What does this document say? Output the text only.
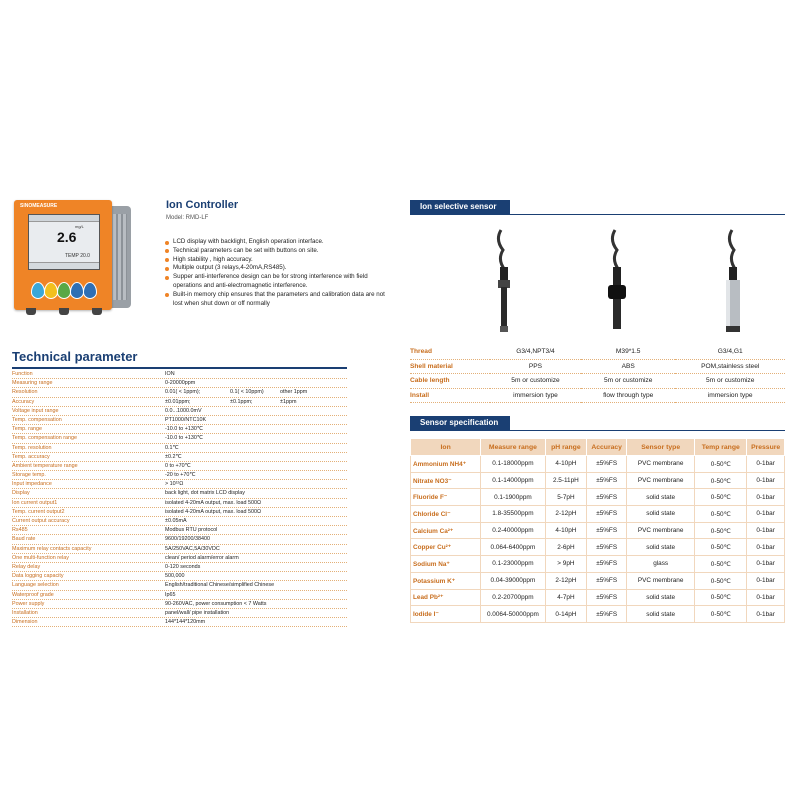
SINOMEASURE
mg/L
2.6
TEMP 20.0
Ion Controller
Model: RMD-LF
LCD display with backlight, English operation interface.
Technical parameters can be set with buttons on site.
High stability , high accuracy.
Multiple output (3 relays,4-20mA,RS485).
Supper anti-interference design can be for strong interference with field operations and anti-electromagnetic interference.
Built-in memory chip ensures that the parameters and calibration data are not lost when shut down or off normally
Technical parameter
Function	ION
Measuring range	0-20000ppm
Resolution	0.01( < 1ppm);	0.1( < 10ppm)	other 1ppm
Accuracy	±0.01ppm;	±0.1ppm;	±1ppm
Voltage input range	0.0...1000.0mV
Temp. compensation	PT1000/NTC10K
Temp. range	-10.0 to +130℃
Temp. compensation range	-10.0 to +130℃
Temp. resolution	0.1℃
Temp. accuracy	±0.2℃
Ambient temperature range	0 to +70℃
Storage temp.	-20 to +70℃
Input impedance	> 10¹²Ω
Display	back light, dot matrix LCD display
Ion current output1	isolated 4-20mA output, max. load 500Ω
Temp. current output2	isolated 4-20mA output, max. load 500Ω
Current output accuracy	±0.05mA
Rs485	Modbus RTU protocol
Baud rate	9600/19200/38400
Maximum relay contacts capacity	5A/250VAC,5A/30VDC
One multi-function relay	clean/ period alarm/error alarm
Relay delay	0-120 seconds
Data logging capacity	500,000
Language selection	English/traditional Chinese/simplified Chinese
Waterproof grade	Ip65
Power supply	90-260VAC, power consumption < 7 Watts
Installation	panel/wall/ pipe installation
Dimension	144*144*120mm
Ion selective sensor
Thread	G3/4,NPT3/4	M39*1.5	G3/4,G1
Shell material	PPS	ABS	POM,stainless steel
Cable length	5m or customize	5m or customize	5m or customize
Install	immersion type	flow through type	immersion type
Sensor specification
Ion	Measure range	pH range	Accuracy	Sensor type	Temp range	Pressure
Ammonium NH4⁺	0.1-18000ppm	4-10pH	±5%FS	PVC membrane	0-50℃	0-1bar
Nitrate NO3⁻	0.1-14000ppm	2.5-11pH	±5%FS	PVC membrane	0-50℃	0-1bar
Fluoride F⁻	0.1-1900ppm	5-7pH	±5%FS	solid state	0-50℃	0-1bar
Chloride Cl⁻	1.8-35500ppm	2-12pH	±5%FS	solid state	0-50℃	0-1bar
Calcium Ca²⁺	0.2-40000ppm	4-10pH	±5%FS	PVC membrane	0-50℃	0-1bar
Copper Cu²⁺	0.064-6400ppm	2-6pH	±5%FS	solid state	0-50℃	0-1bar
Sodium Na⁺	0.1-23000ppm	> 9pH	±5%FS	glass	0-50℃	0-1bar
Potassium K⁺	0.04-39000ppm	2-12pH	±5%FS	PVC membrane	0-50℃	0-1bar
Lead Pb²⁺	0.2-20700ppm	4-7pH	±5%FS	solid state	0-50℃	0-1bar
Iodide I⁻	0.0064-50000ppm	0-14pH	±5%FS	solid state	0-50℃	0-1bar
